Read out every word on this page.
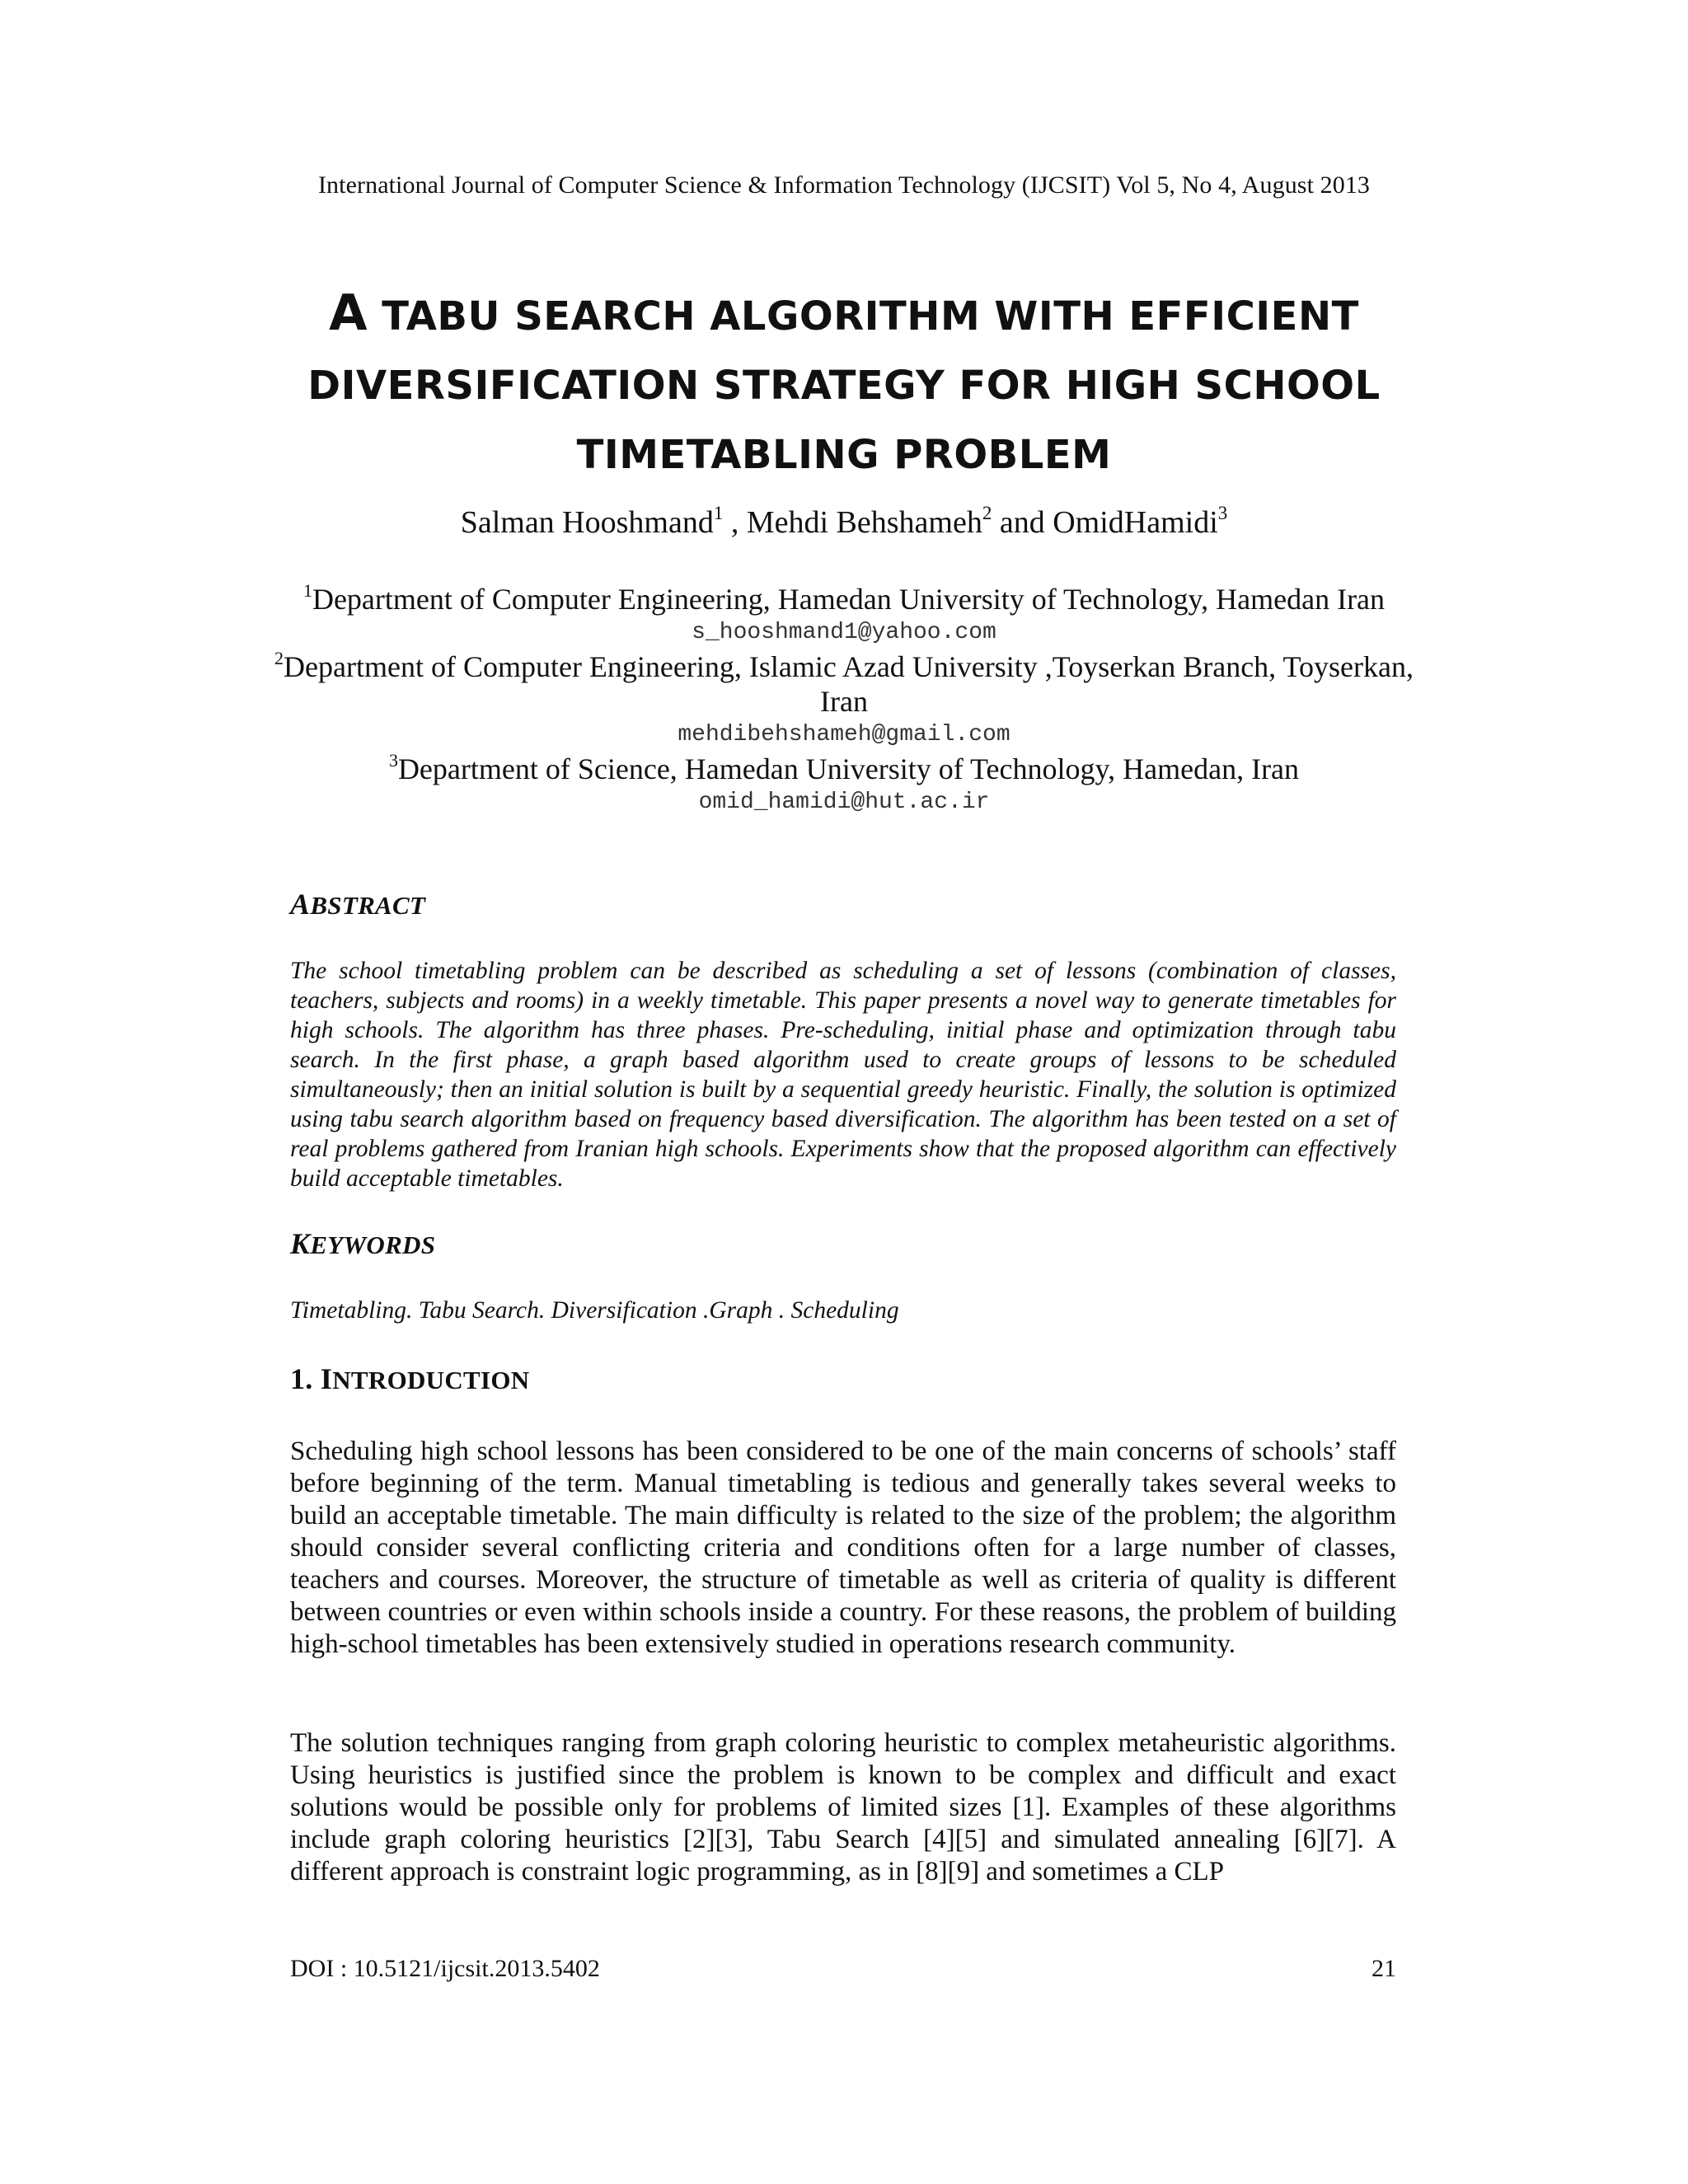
International Journal of Computer Science & Information Technology (IJCSIT) Vol 5, No 4, August 2013
A TABU SEARCH ALGORITHM WITH EFFICIENT
DIVERSIFICATION STRATEGY FOR HIGH SCHOOL
TIMETABLING PROBLEM
Salman Hooshmand$^1$ , Mehdi Behshameh$^2$ and OmidHamidi$^3$
$^1$Department of Computer Engineering, Hamedan University of Technology, Hamedan Iran
s_hooshmand1@yahoo.com
$^2$Department of Computer Engineering, Islamic Azad University ,Toyserkan Branch, Toyserkan, Iran
mehdibehshameh@gmail.com
$^3$Department of Science, Hamedan University of Technology, Hamedan, Iran
omid_hamidi@hut.ac.ir
ABSTRACT
The school timetabling problem can be described as scheduling a set of lessons (combination of classes, teachers, subjects and rooms) in a weekly timetable. This paper presents a novel way to generate timetables for high schools. The algorithm has three phases. Pre-scheduling, initial phase and optimization through tabu search. In the first phase, a graph based algorithm used to create groups of lessons to be scheduled simultaneously; then an initial solution is built by a sequential greedy heuristic. Finally, the solution is optimized using tabu search algorithm based on frequency based diversification. The algorithm has been tested on a set of real problems gathered from Iranian high schools. Experiments show that the proposed algorithm can effectively build acceptable timetables.
KEYWORDS
Timetabling. Tabu Search. Diversification .Graph . Scheduling
1. INTRODUCTION
Scheduling high school lessons has been considered to be one of the main concerns of schools’ staff before beginning of the term. Manual timetabling is tedious and generally takes several weeks to build an acceptable timetable. The main difficulty is related to the size of the problem; the algorithm should consider several conflicting criteria and conditions often for a large number of classes, teachers and courses. Moreover, the structure of timetable as well as criteria of quality is different between countries or even within schools inside a country. For these reasons, the problem of building high-school timetables has been extensively studied in operations research community.
The solution techniques ranging from graph coloring heuristic to complex metaheuristic algorithms. Using heuristics is justified since the problem is known to be complex and difficult and exact solutions would be possible only for problems of limited sizes [1]. Examples of these algorithms include graph coloring heuristics [2][3], Tabu Search [4][5] and simulated annealing [6][7]. A different approach is constraint logic programming, as in [8][9] and sometimes a CLP
DOI : 10.5121/ijcsit.2013.5402	21
